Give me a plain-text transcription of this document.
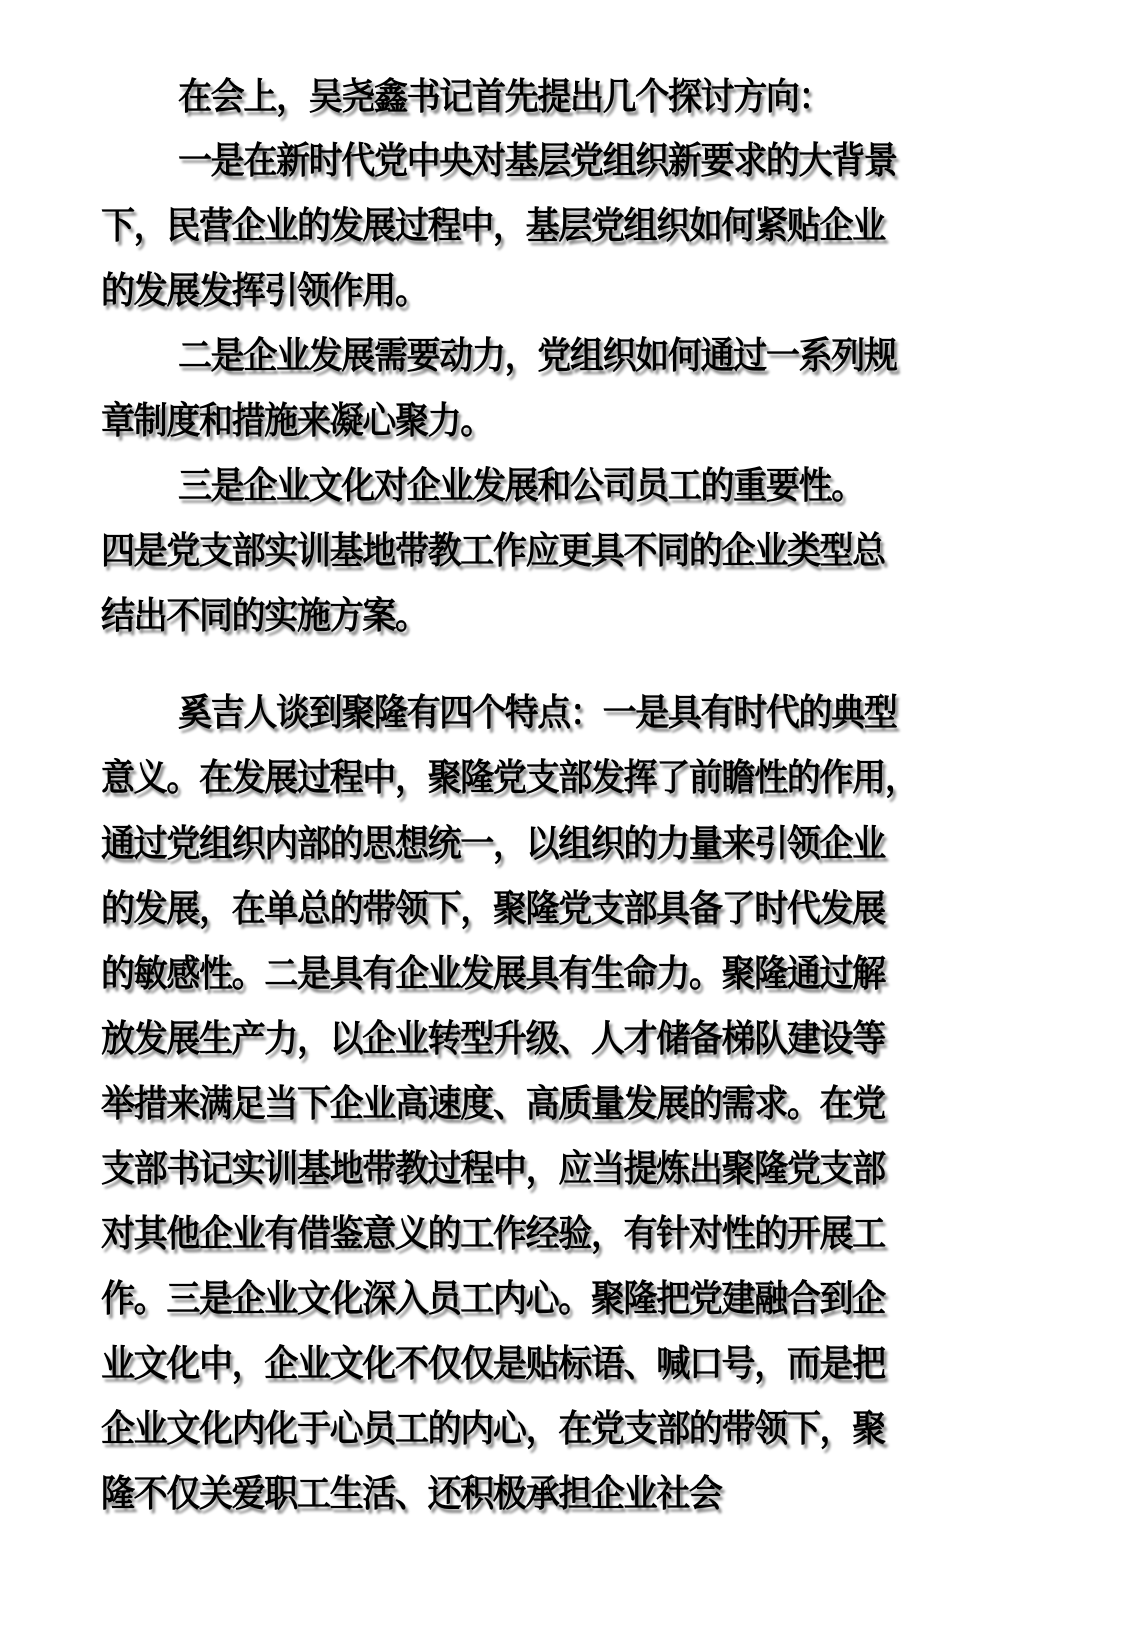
在会上，吴尧鑫书记首先提出几个探讨方向：
一是在新时代党中央对基层党组织新要求的大背景
下，民营企业的发展过程中，基层党组织如何紧贴企业
的发展发挥引领作用。
二是企业发展需要动力，党组织如何通过一系列规
章制度和措施来凝心聚力。
三是企业文化对企业发展和公司员工的重要性。
四是党支部实训基地带教工作应更具不同的企业类型总
结出不同的实施方案。
奚吉人谈到聚隆有四个特点：一是具有时代的典型
意义。在发展过程中，聚隆党支部发挥了前瞻性的作用，
通过党组织内部的思想统一，以组织的力量来引领企业
的发展，在单总的带领下，聚隆党支部具备了时代发展
的敏感性。二是具有企业发展具有生命力。聚隆通过解
放发展生产力，以企业转型升级、人才储备梯队建设等
举措来满足当下企业高速度、高质量发展的需求。在党
支部书记实训基地带教过程中，应当提炼出聚隆党支部
对其他企业有借鉴意义的工作经验，有针对性的开展工
作。三是企业文化深入员工内心。聚隆把党建融合到企
业文化中，企业文化不仅仅是贴标语、喊口号，而是把
企业文化内化于心员工的内心，在党支部的带领下，聚
隆不仅关爱职工生活、还积极承担企业社会
